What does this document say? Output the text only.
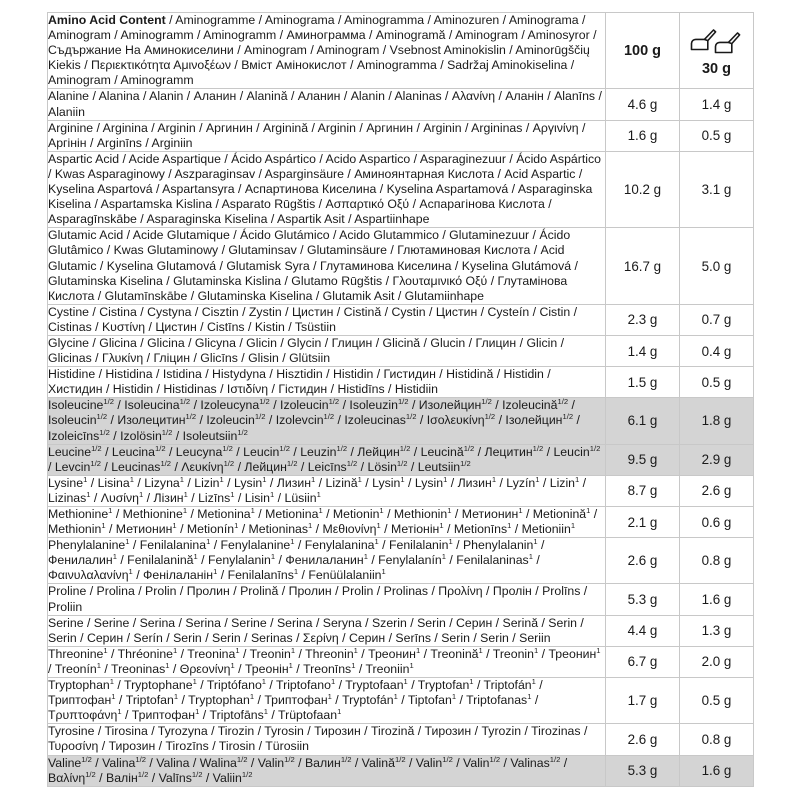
Amino Acid Content / Aminogramme / Aminograma / Aminogramma / Aminozuren / Aminograma / Aminogram / Aminogramm / Aminogramm / Аминограмма / Aminogramă / Aminogram / Aminosyror / Съдържание На Аминокиселини / Aminogram / Aminogram / Vsebnost Aminokislin / Aminorūgščių Kiekis / Περιεκτικότητα Αμινοξέων / Вміст Амінокислот / Aminogramma / Sadržaj Aminokiselina / Aminogram / Aminogramm	100 g	30 g

Alanine / Alanina / Alanin / Аланин / Alanină / Аланин / Alanin / Alaninas / Αλανίνη / Аланін / Alanīns / Alaniin	4.6 g	1.4 g
Arginine / Arginina / Arginin / Аргинин / Arginină / Arginin / Аргинин / Arginin / Argininas / Αργινίνη / Аргінін / Arginīns / Arginiin	1.6 g	0.5 g
Aspartic Acid / Acide Aspartique / Ácido Aspártico / Acido Aspartico / Asparaginezuur / Ácido Aspártico / Kwas Asparaginowy / Aszparaginsav / Asparginsäure / Аминоянтарная Кислота / Acid Aspartic / Kyselina Aspartová / Aspartansyra / Аспартинова Киселина / Kyselina Aspartamová / Asparaginska Kiselina / Aspartamska Kislina / Asparato Rūgštis / Ασπαρτικό Οξύ / Аспарагінова Кислота / Asparagīnskābe / Asparaginska Kiselina / Aspartik Asit / Aspartiinhape	10.2 g	3.1 g
Glutamic Acid / Acide Glutamique / Ácido Glutámico / Acido Glutammico / Glutaminezuur / Ácido Glutâmico / Kwas Glutaminowy / Glutaminsav / Glutaminsäure / Глютаминовая Кислота / Acid Glutamic / Kyselina Glutamová / Glutamisk Syra / Глутаминова Киселина / Kyselina Glutámová / Glutaminska Kiselina / Glutaminska Kislina / Glutamo Rūgštis / Γλουταμινικό Οξύ / Глутамінова Кислота / Glutamīnskābe / Glutaminska Kiselina / Glutamik Asit / Glutamiinhape	16.7 g	5.0 g
Cystine / Cistina / Cystyna / Cisztin / Zystin / Цистин / Cistină / Cystin / Цистин / Cysteín / Cistin / Cistinas / Κυστίνη / Цистин / Cistīns / Kistin / Tsüstiin	2.3 g	0.7 g
Glycine / Glicina / Glicina / Glicyna / Glicin / Glycin / Глицин / Glicină / Glucin / Глицин / Glicin / Glicinas / Γλυκίνη / Гліцин / Glicīns / Glisin / Glütsiin	1.4 g	0.4 g
Histidine / Histidina / Istidina / Histydyna / Hisztidin / Histidin / Гистидин / Histidină / Histidin / Хистидин / Histidin / Histidinas / Ιστιδίνη / Гістидин / Histidīns / Histidiin	1.5 g	0.5 g
Isoleucine$^{1/2}$ / Isoleucina$^{1/2}$ / Izoleucyna$^{1/2}$ / Izoleucin$^{1/2}$ / Isoleuzin$^{1/2}$ / Изолейцин$^{1/2}$ / Izoleucină$^{1/2}$ / Isoleucin$^{1/2}$ / Изолецитин$^{1/2}$ / Izoleucin$^{1/2}$ / Izolevcin$^{1/2}$ / Izoleucinas$^{1/2}$ / Ισολευκίνη$^{1/2}$ / Ізолейцин$^{1/2}$ / Izoleicīns$^{1/2}$ / Izolösin$^{1/2}$ / Isoleutsiin$^{1/2}$	6.1 g	1.8 g
Leucine$^{1/2}$ / Leucina$^{1/2}$ / Leucyna$^{1/2}$ / Leucin$^{1/2}$ / Leuzin$^{1/2}$ / Лейцин$^{1/2}$ / Leucină$^{1/2}$ / Лецитин$^{1/2}$ / Leucin$^{1/2}$ / Levcin$^{1/2}$ / Leucinas$^{1/2}$ / Λευκίνη$^{1/2}$ / Лейцин$^{1/2}$ / Leicīns$^{1/2}$ / Lösin$^{1/2}$ / Leutsiin$^{1/2}$	9.5 g	2.9 g
Lysine$^1$ / Lisina$^1$ / Lizyna$^1$ / Lizin$^1$ / Lysin$^1$ / Лизин$^1$ / Lizină$^1$ / Lysin$^1$ / Lysin$^1$ / Лизин$^1$ / Lyzín$^1$ / Lizin$^1$ / Lizinas$^1$ / Λυσίνη$^1$ / Лізин$^1$ / Lizīns$^1$ / Lisin$^1$ / Lüsiin$^1$	8.7 g	2.6 g
Methionine$^1$ / Methionine$^1$ / Metionina$^1$ / Metionina$^1$ / Metionin$^1$ / Methionin$^1$ / Метионин$^1$ / Metionină$^1$ / Methionin$^1$ / Метионин$^1$ / Metionín$^1$ / Metioninas$^1$ / Μεθιονίνη$^1$ / Метіонін$^1$ / Metionīns$^1$ / Metioniin$^1$	2.1 g	0.6 g
Phenylalanine$^1$ / Fenilalanina$^1$ / Fenylalanine$^1$ / Fenylalanina$^1$ / Fenilalanin$^1$ / Phenylalanin$^1$ / Фенилалин$^1$ / Fenilalanină$^1$ / Fenylalanin$^1$ / Фенилаланин$^1$ / Fenylalanín$^1$ / Fenilalaninas$^1$ / Φαινυλαλανίνη$^1$ / Фенілаланін$^1$ / Fenilalanīns$^1$ / Fenüülalaniin$^1$	2.6 g	0.8 g
Proline / Prolina / Prolin / Пролин / Prolină / Пролин / Prolin / Prolinas / Προλίνη / Пролін / Prolīns / Proliin	5.3 g	1.6 g
Serine / Serine / Serina / Serina / Serine / Serina / Seryna / Szerin / Serin / Серин / Serină / Serin / Serin / Серин / Serín / Serin / Serin / Serinas / Σερίνη / Серин / Serīns / Serin / Serin / Seriin	4.4 g	1.3 g
Threonine$^1$ / Thréonine$^1$ / Treonina$^1$ / Treonin$^1$ / Threonin$^1$ / Треонин$^1$ / Treonină$^1$ / Treonin$^1$ / Треонин$^1$ / Treonín$^1$ / Treoninas$^1$ / Θρεονίνη$^1$ / Треонін$^1$ / Treonīns$^1$ / Treoniin$^1$	6.7 g	2.0 g
Tryptophan$^1$ / Tryptophane$^1$ / Triptófano$^1$ / Triptofano$^1$ / Tryptofaan$^1$ / Tryptofan$^1$ / Triptofán$^1$ / Триптофан$^1$ / Triptofan$^1$ / Tryptophan$^1$ / Триптофан$^1$ / Tryptofán$^1$ / Tiptofan$^1$ / Triptofanas$^1$ / Τρυπτοφάνη$^1$ / Триптофан$^1$ / Triptofāns$^1$ / Trüptofaan$^1$	1.7 g	0.5 g
Tyrosine / Tirosina / Tyrozyna / Tirozin / Tyrosin / Тирозин / Tirozină / Тирозин / Tyrozin / Tirozinas / Τυροσίνη / Тирозин / Tirozīns / Tirosin / Türosiin	2.6 g	0.8 g
Valine$^{1/2}$ / Valina$^{1/2}$ / Valina / Walina$^{1/2}$ / Valin$^{1/2}$ / Валин$^{1/2}$ / Valină$^{1/2}$ / Valin$^{1/2}$ / Valin$^{1/2}$ / Valinas$^{1/2}$ / Βαλίνη$^{1/2}$ / Валін$^{1/2}$ / Valīns$^{1/2}$ / Valiin$^{1/2}$	5.3 g	1.6 g
